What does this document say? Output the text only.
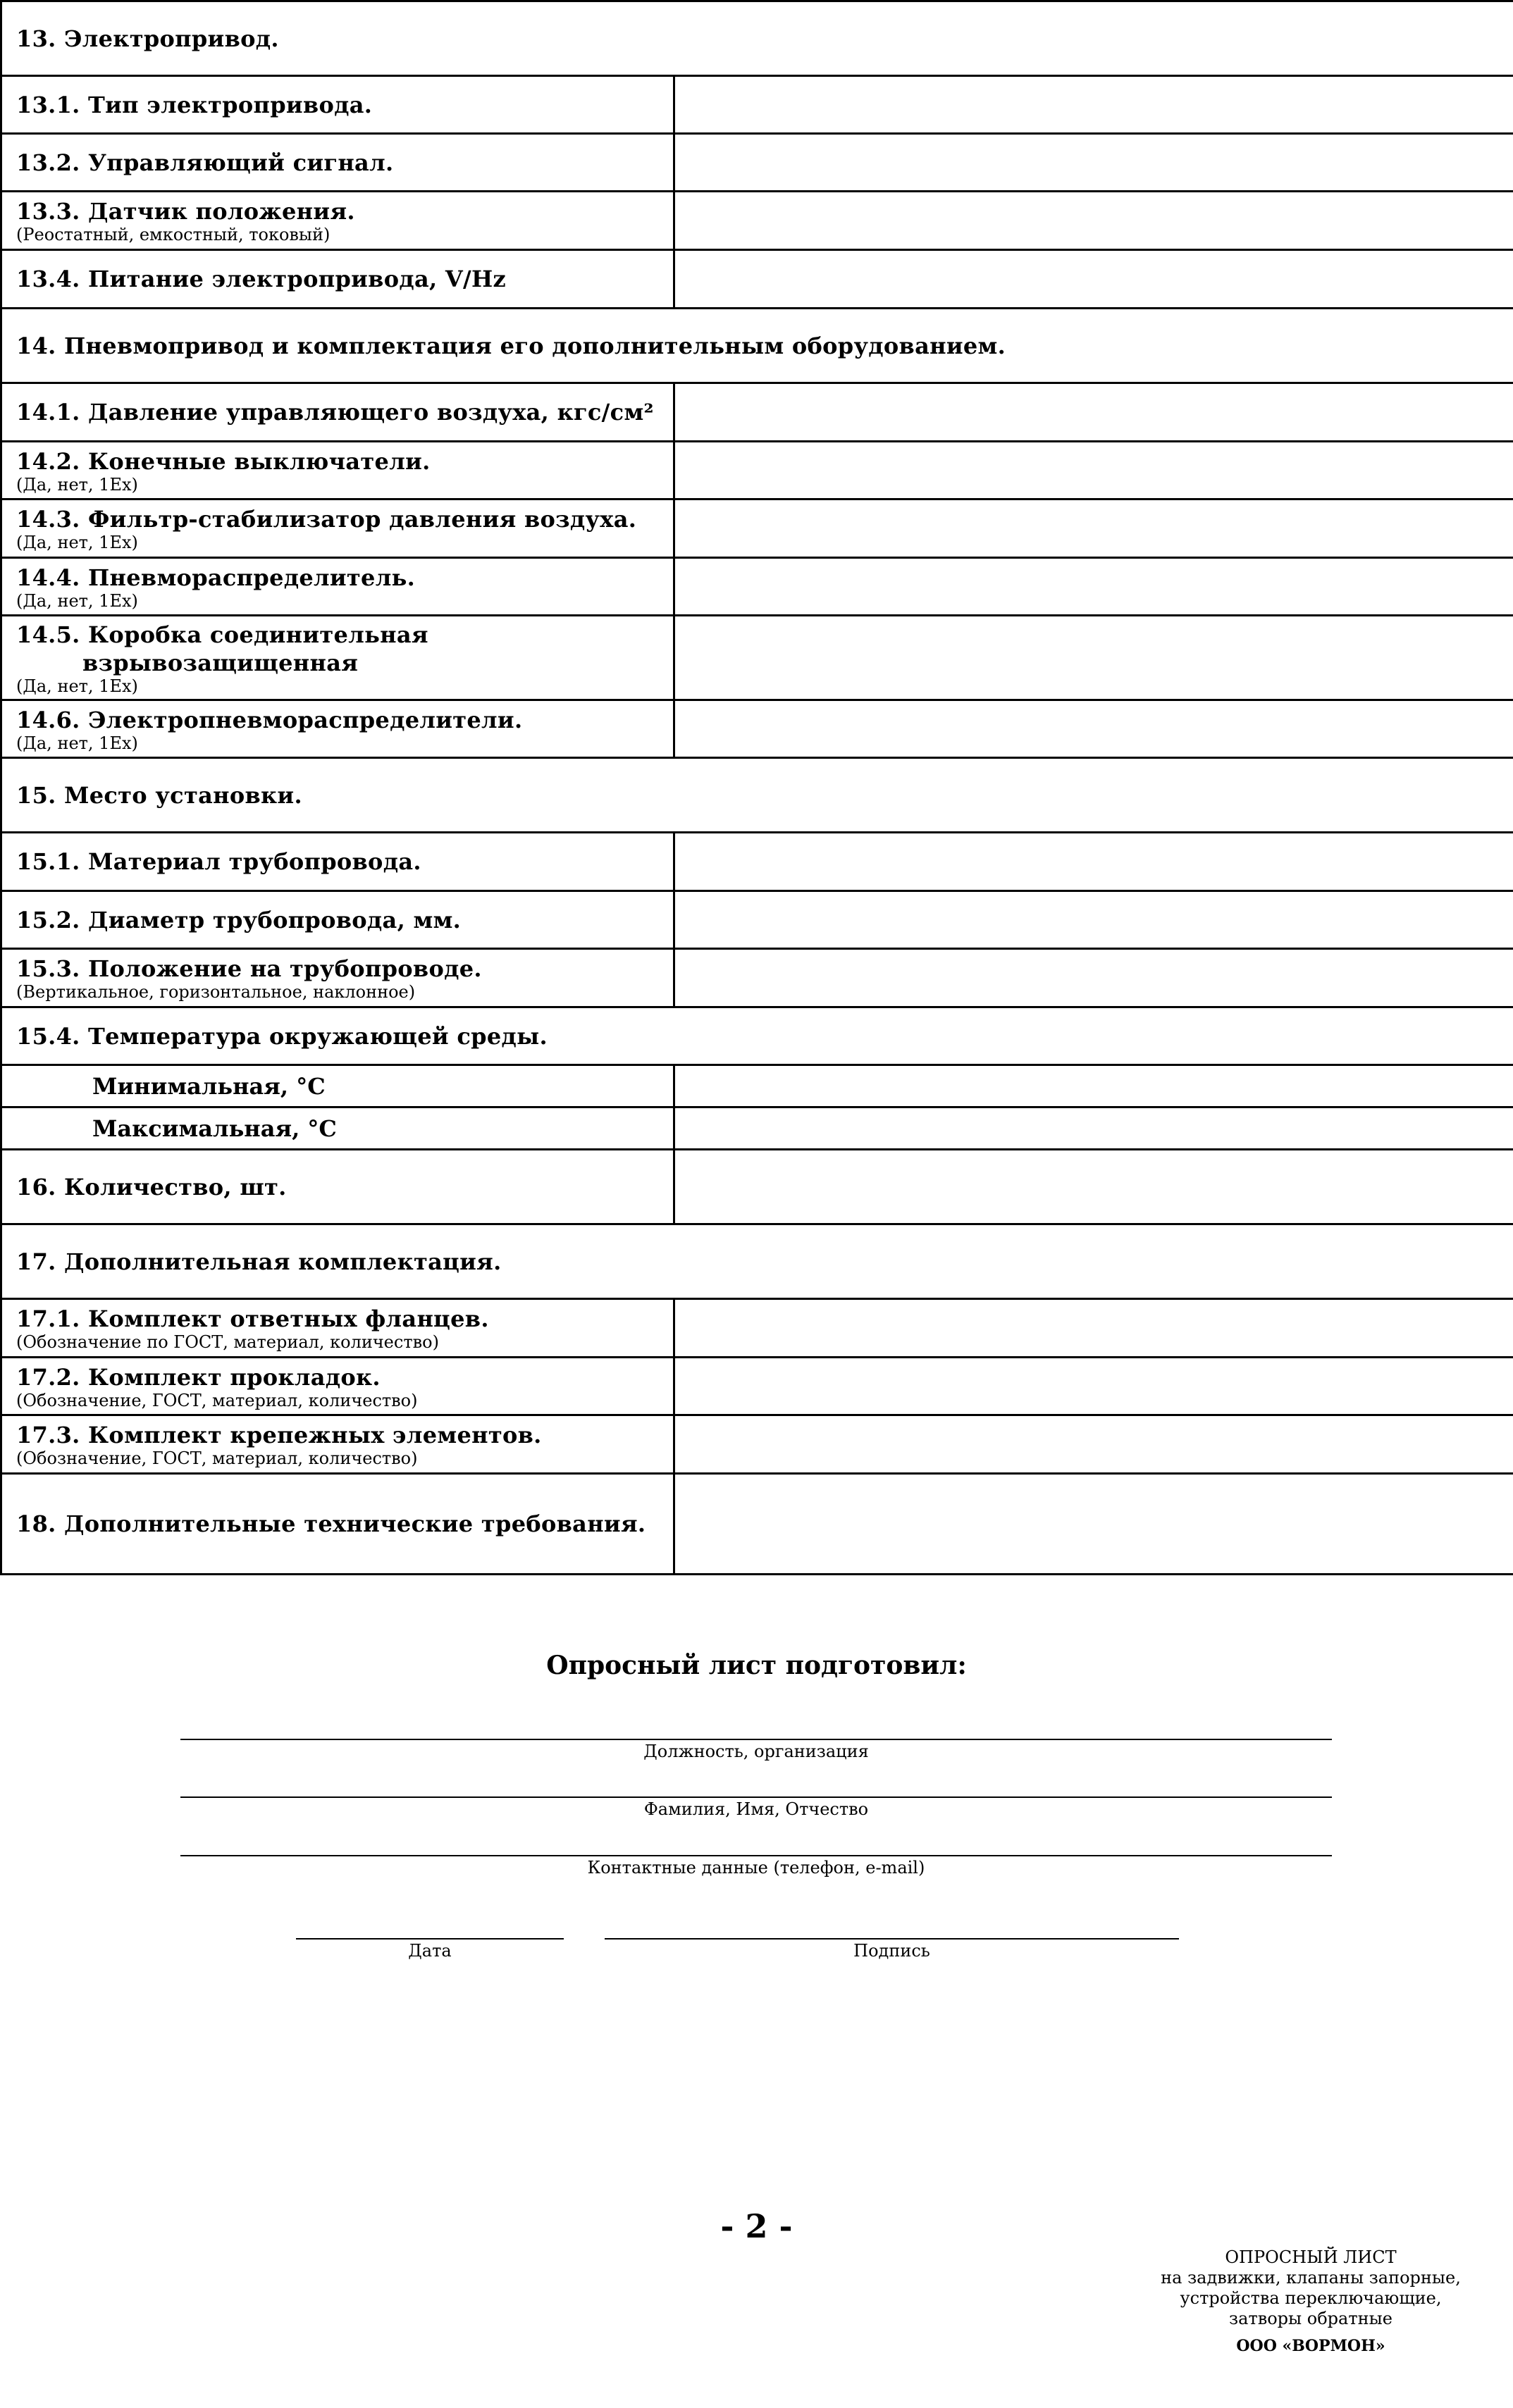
13. Электропривод.	

13.1. Тип электропривода.	

13.2. Управляющий сигнал.	

13.3. Датчик положения.
(Реостатный, емкостный, токовый)	

13.4. Питание электропривода, V/Hz	

14. Пневмопривод и комплектация его дополнительным оборудованием.	

14.1. Давление управляющего воздуха, кгс/см²	

14.2. Конечные выключатели.
(Да, нет, 1Ex)	

14.3. Фильтр-стабилизатор давления воздуха.
(Да, нет, 1Ex)	

14.4. Пневмораспределитель.
(Да, нет, 1Ex)	

14.5. Коробка соединительная
взрывозащищенная
(Да, нет, 1Ex)	

14.6. Электропневмораспределители.
(Да, нет, 1Ex)	

15. Место установки.	

15.1. Материал трубопровода.	

15.2. Диаметр трубопровода, мм.	

15.3. Положение на трубопроводе.
(Вертикальное, горизонтальное, наклонное)	

15.4. Температура окружающей среды.	

Минимальная, °С	

Максимальная, °С	

16. Количество, шт.	

17. Дополнительная комплектация.	

17.1. Комплект ответных фланцев.
(Обозначение по ГОСТ, материал, количество)	

17.2. Комплект прокладок.
(Обозначение, ГОСТ, материал, количество)	

17.3. Комплект крепежных элементов.
(Обозначение, ГОСТ, материал, количество)	

18. Дополнительные технические требования.	

Опросный лист подготовил:
Должность, организация
Фамилия, Имя, Отчество
Контактные данные (телефон, e-mail)
Дата	Подпись
- 2 -
ОПРОСНЫЙ ЛИСТ
на задвижки, клапаны запорные,
устройства переключающие,
затворы обратные
ООО «ВОРМОН»
